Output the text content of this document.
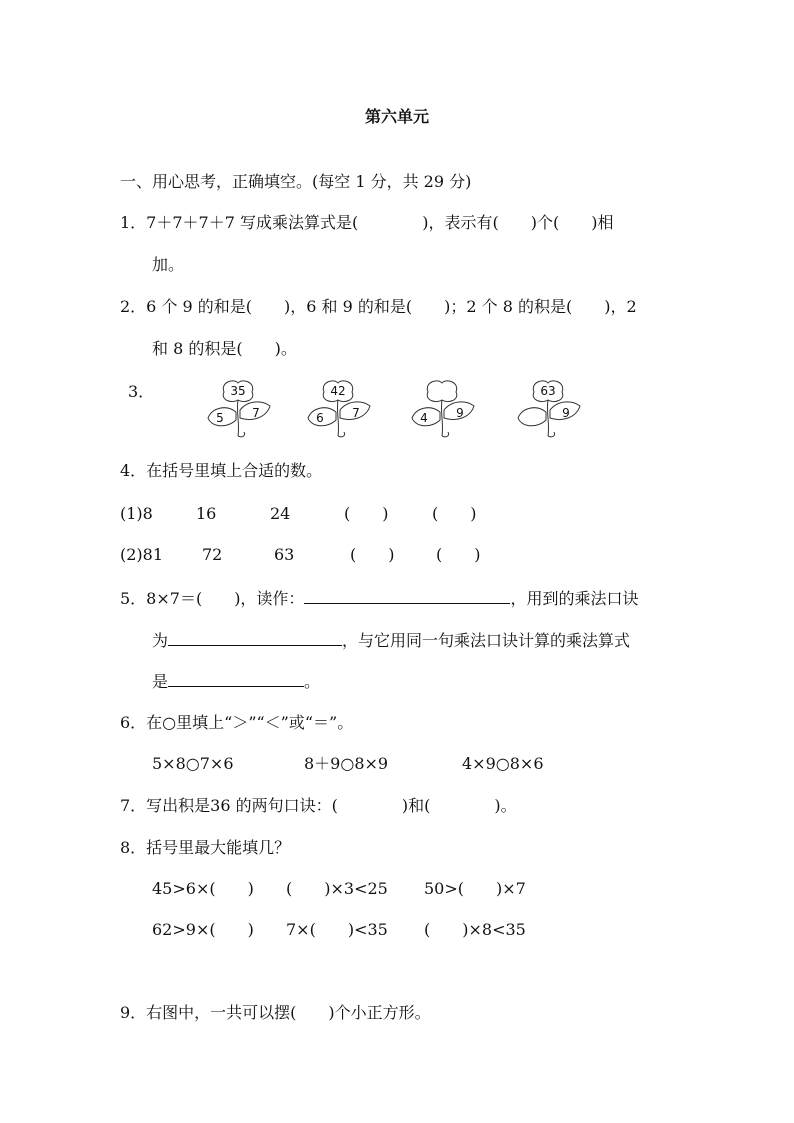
第六单元
一、用心思考，正确填空。(每空 1 分，共 29 分)
1．7＋7＋7＋7 写成乘法算式是(　　　　)，表示有(　　)个(　　)相
加。
2．6 个 9 的和是(　　)，6 和 9 的和是(　　)；2 个 8 的积是(　　)，2
和 8 的积是(　　)。
3．	35
5	7
42
6	7	4	9
63
9
4．在括号里填上合适的数。
(1)8	16	24	(　　)	(　　)
(2)81 72	63	(　　)	(　　)
5．8×7＝(　　)，读作：	，用到的乘法口诀
为	，与它用同一句乘法口诀计算的乘法算式
是	。
6．在○里填上“＞”“＜”或“＝”。
5×8○7×6	8＋9○8×9	4×9○8×6
7．写出积是36 的两句口诀：(　　　　)和(　　　　)。
8．括号里最大能填几？
45>6×(　　) (　　)×3<25 50>(　　)×7
62>9×(　　) 7×(　　)<35 (　　)×8<35
9．右图中，一共可以摆(　　)个小正方形。
